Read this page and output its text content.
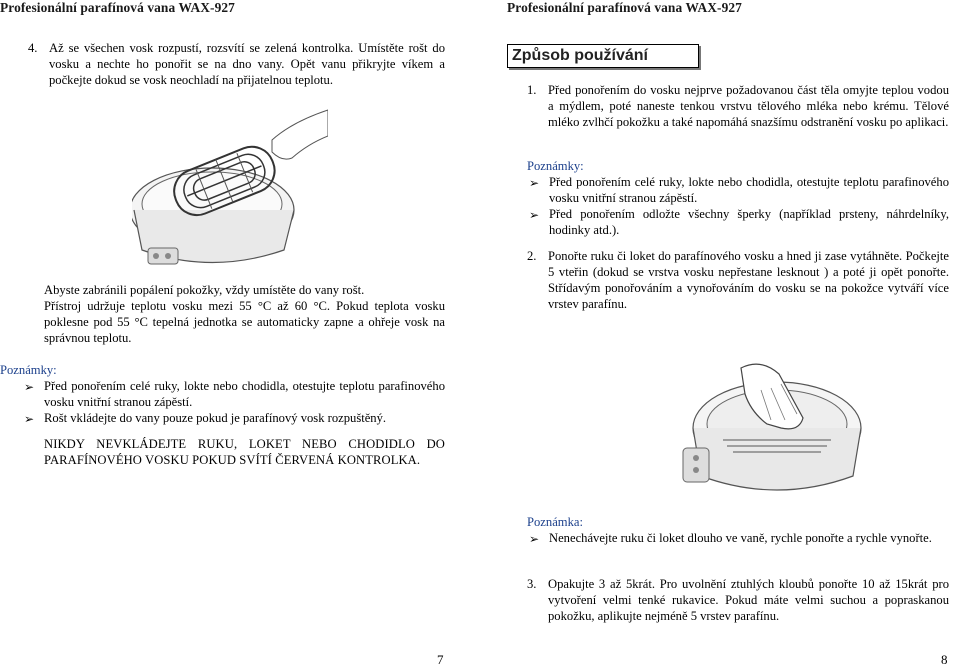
Profesionální parafínová vana WAX-927
4. Až se všechen vosk rozpustí, rozsvítí se zelená kontrolka. Umístěte rošt do vosku a nechte ho ponořit se na dno vany. Opět vanu přikryjte víkem a počkejte dokud se vosk neochladí na přijatelnou teplotu.

Abyste zabránili popálení pokožky, vždy umístěte do vany rošt.

Přístroj udržuje teplotu vosku mezi 55 °C až 60 °C. Pokud teplota vosku poklesne pod 55 °C tepelná jednotka se automaticky zapne a ohřeje vosk na správnou teplotu.

Poznámky:

➢ Před ponořením celé ruky, lokte nebo chodidla, otestujte teplotu parafinového vosku vnitřní stranou zápěstí.
➢ Rošt vkládejte do vany pouze pokud je parafínový vosk rozpuštěný.
NIKDY NEVKLÁDEJTE RUKU, LOKET NEBO CHODIDLO DO PARAFÍNOVÉHO VOSKU POKUD SVÍTÍ ČERVENÁ KONTROLKA.
7
Profesionální parafínová vana WAX-927
Způsob používání
1. Před ponořením do vosku nejprve požadovanou část těla omyjte teplou vodou a mýdlem, poté naneste tenkou vrstvu tělového mléka nebo krému. Tělové mléko zvlhčí pokožku a také napomáhá snazšímu odstranění vosku po aplikaci.

Poznámky:

➢ Před ponořením celé ruky, lokte nebo chodidla, otestujte teplotu parafinového vosku vnitřní stranou zápěstí.
➢ Před ponořením odložte všechny šperky (například prsteny, náhrdelníky, hodinky atd.).
2. Ponořte ruku či loket do parafínového vosku a hned ji zase vytáhněte. Počkejte 5 vteřin (dokud se vrstva vosku nepřestane lesknout ) a poté ji opět ponořte. Střídavým ponořováním a vynořováním do vosku se na pokožce vytváří více vrstev parafínu.

Poznámka:

➢ Nenechávejte ruku či loket dlouho ve vaně, rychle ponořte a rychle vynořte.
3. Opakujte 3 až 5krát. Pro uvolnění ztuhlých kloubů ponořte 10 až 15krát pro vytvoření velmi tenké rukavice. Pokud máte velmi suchou a popraskanou pokožku, aplikujte nejméně 5 vrstev parafínu.

8
